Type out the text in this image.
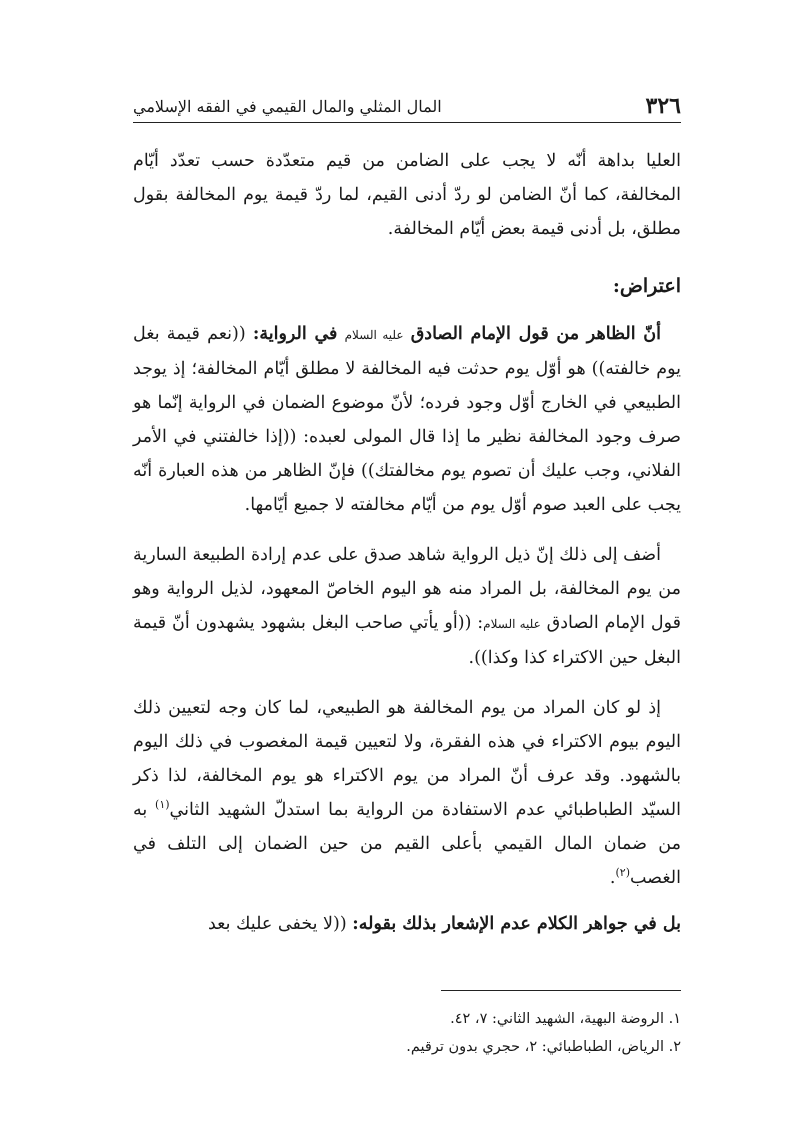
٣٢٦
المال المثلي والمال القيمي في الفقه الإسلامي

العليا بداهة أنّه لا يجب على الضامن من قيم متعدّدة حسب تعدّد أيّام المخالفة، كما أنّ الضامن لو ردّ أدنى القيم، لما ردّ قيمة يوم المخالفة بقول مطلق، بل أدنى قيمة بعض أيّام المخالفة.

اعتراض:

أنّ الظاهر من قول الإمام الصادق عليه السلام في الرواية: ((نعم قيمة بغل يوم خالفته)) هو أوّل يوم حدثت فيه المخالفة لا مطلق أيّام المخالفة؛ إذ يوجد الطبيعي في الخارج أوّل وجود فرده؛ لأنّ موضوع الضمان في الرواية إنّما هو صرف وجود المخالفة نظير ما إذا قال المولى لعبده: ((إذا خالفتني في الأمر الفلاني، وجب عليك أن تصوم يوم مخالفتك)) فإنّ الظاهر من هذه العبارة أنّه يجب على العبد صوم أوّل يوم من أيّام مخالفته لا جميع أيّامها.

أضف إلى ذلك إنّ ذيل الرواية شاهد صدق على عدم إرادة الطبيعة السارية من يوم المخالفة، بل المراد منه هو اليوم الخاصّ المعهود، لذيل الرواية وهو قول الإمام الصادق عليه السلام: ((أو يأتي صاحب البغل بشهود يشهدون أنّ قيمة البغل حين الاكتراء كذا وكذا)).

إذ لو كان المراد من يوم المخالفة هو الطبيعي، لما كان وجه لتعيين ذلك اليوم بيوم الاكتراء في هذه الفقرة، ولا لتعيين قيمة المغصوب في ذلك اليوم بالشهود. وقد عرف أنّ المراد من يوم الاكتراء هو يوم المخالفة، لذا ذكر السيّد الطباطبائي عدم الاستفادة من الرواية بما استدلّ الشهيد الثاني$^{(١)}$ به من ضمان المال القيمي بأعلى القيم من حين الضمان إلى التلف في الغصب$^{(٢)}$.

بل في جواهر الكلام عدم الإشعار بذلك بقوله: ((لا يخفى عليك بعد

١. الروضة البهية، الشهيد الثاني: ٧، ٤٢.

٢. الرياض، الطباطبائي: ٢، حجري بدون ترقيم.
